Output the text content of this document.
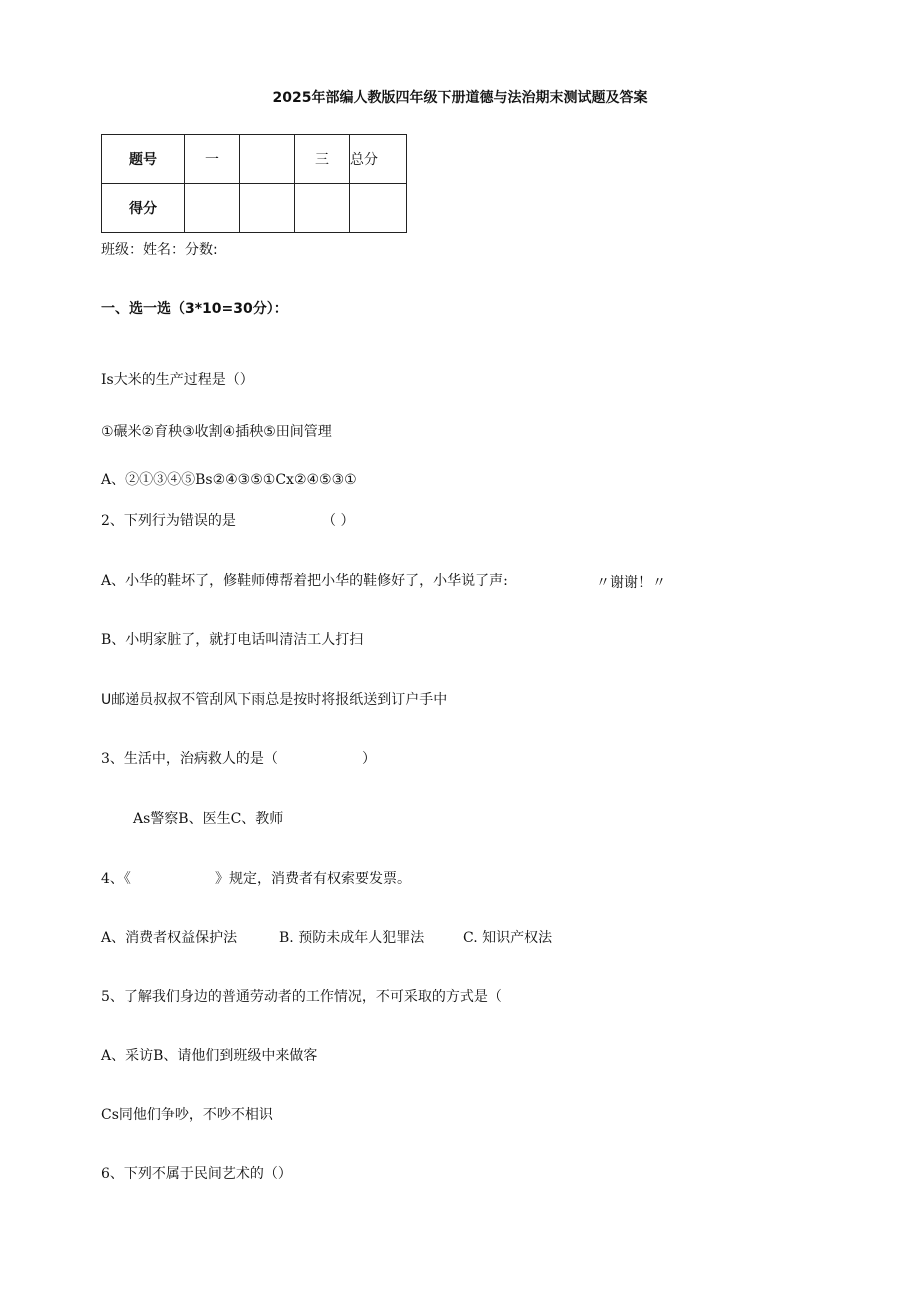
2025年部编人教版四年级下册道德与法治期末测试题及答案
题号	一		三	总分
得分				
班级：姓名：分数:
一、选一选（3*10=30分）：
Is大米的生产过程是（）
①碾米②育秧③收割④插秧⑤田间管理
A、②①③④⑤Bs②④③⑤①Cx②④⑤③①
2、下列行为错误的是	（ ）
A、小华的鞋坏了，修鞋师傅帮着把小华的鞋修好了，小华说了声:	〃谢谢！〃
B、小明家脏了，就打电话叫清洁工人打扫
U邮递员叔叔不管刮风下雨总是按时将报纸送到订户手中
3、生活中，治病救人的是（	）
As警察B、医生C、教师
4、《	》规定，消费者有权索要发票。
A、消费者权益保护法	B. 预防未成年人犯罪法	C. 知识产权法
5、了解我们身边的普通劳动者的工作情况，不可采取的方式是（
A、采访B、请他们到班级中来做客
Cs同他们争吵，不吵不相识
6、下列不属于民间艺术的（）
